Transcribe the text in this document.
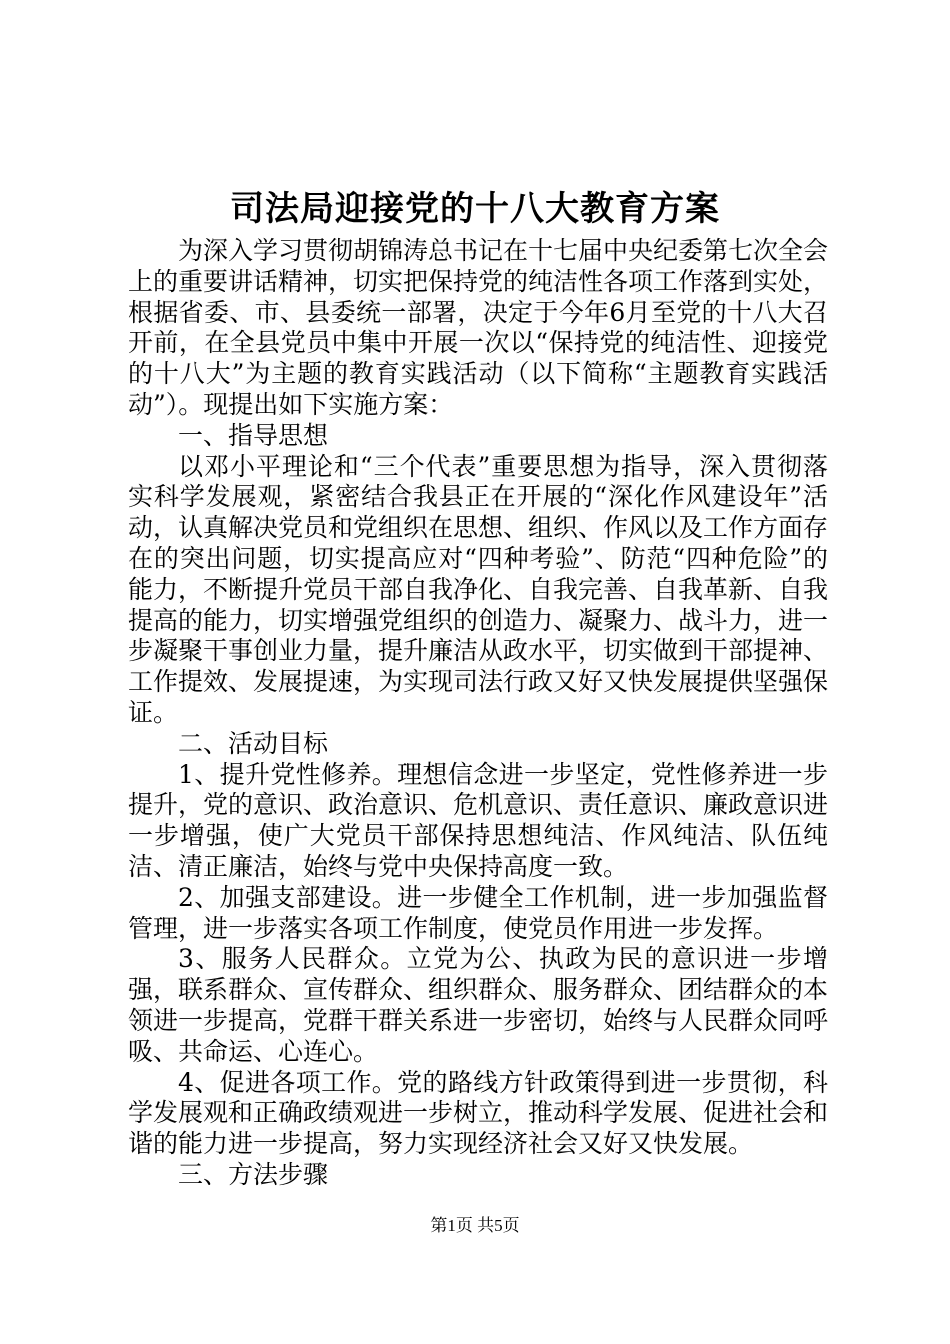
司法局迎接党的十八大教育方案

为深入学习贯彻胡锦涛总书记在十七届中央纪委第七次全会上的重要讲话精神，切实把保持党的纯洁性各项工作落到实处，根据省委、市、县委统一部署，决定于今年6月至党的十八大召开前，在全县党员中集中开展一次以“保持党的纯洁性、迎接党的十八大”为主题的教育实践活动（以下简称“主题教育实践活动”）。现提出如下实施方案：

一、指导思想

以邓小平理论和“三个代表”重要思想为指导，深入贯彻落实科学发展观，紧密结合我县正在开展的“深化作风建设年”活动，认真解决党员和党组织在思想、组织、作风以及工作方面存在的突出问题，切实提高应对“四种考验”、防范“四种危险”的能力，不断提升党员干部自我净化、自我完善、自我革新、自我提高的能力，切实增强党组织的创造力、凝聚力、战斗力，进一步凝聚干事创业力量，提升廉洁从政水平，切实做到干部提神、工作提效、发展提速，为实现司法行政又好又快发展提供坚强保证。

二、活动目标

1、提升党性修养。理想信念进一步坚定，党性修养进一步提升，党的意识、政治意识、危机意识、责任意识、廉政意识进一步增强，使广大党员干部保持思想纯洁、作风纯洁、队伍纯洁、清正廉洁，始终与党中央保持高度一致。

2、加强支部建设。进一步健全工作机制，进一步加强监督管理，进一步落实各项工作制度，使党员作用进一步发挥。

3、服务人民群众。立党为公、执政为民的意识进一步增强，联系群众、宣传群众、组织群众、服务群众、团结群众的本领进一步提高，党群干群关系进一步密切，始终与人民群众同呼吸、共命运、心连心。

4、促进各项工作。党的路线方针政策得到进一步贯彻，科学发展观和正确政绩观进一步树立，推动科学发展、促进社会和谐的能力进一步提高，努力实现经济社会又好又快发展。

三、方法步骤

第1页 共5页
